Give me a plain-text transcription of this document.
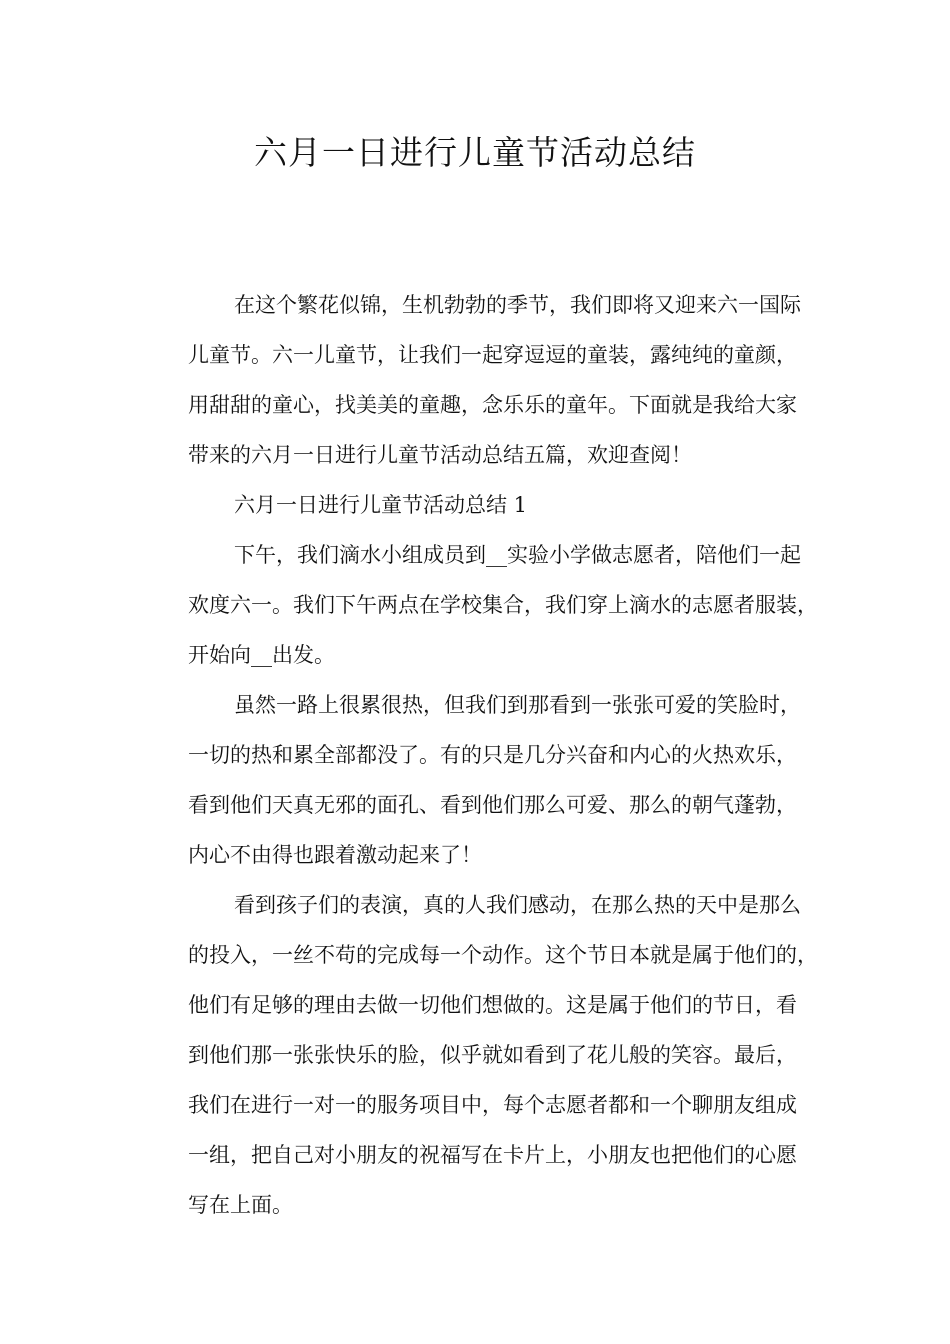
六月一日进行儿童节活动总结
在这个繁花似锦，生机勃勃的季节，我们即将又迎来六一国际
儿童节。六一儿童节，让我们一起穿逗逗的童装，露纯纯的童颜，
用甜甜的童心，找美美的童趣，念乐乐的童年。下面就是我给大家
带来的六月一日进行儿童节活动总结五篇，欢迎查阅！
六月一日进行儿童节活动总结 1
下午，我们滴水小组成员到__实验小学做志愿者，陪他们一起
欢度六一。我们下午两点在学校集合，我们穿上滴水的志愿者服装，
开始向__出发。
虽然一路上很累很热，但我们到那看到一张张可爱的笑脸时，
一切的热和累全部都没了。有的只是几分兴奋和内心的火热欢乐，
看到他们天真无邪的面孔、看到他们那么可爱、那么的朝气蓬勃，
内心不由得也跟着激动起来了！
看到孩子们的表演，真的人我们感动，在那么热的天中是那么
的投入，一丝不苟的完成每一个动作。这个节日本就是属于他们的，
他们有足够的理由去做一切他们想做的。这是属于他们的节日，看
到他们那一张张快乐的脸，似乎就如看到了花儿般的笑容。最后，
我们在进行一对一的服务项目中，每个志愿者都和一个聊朋友组成
一组，把自己对小朋友的祝福写在卡片上，小朋友也把他们的心愿
写在上面。
